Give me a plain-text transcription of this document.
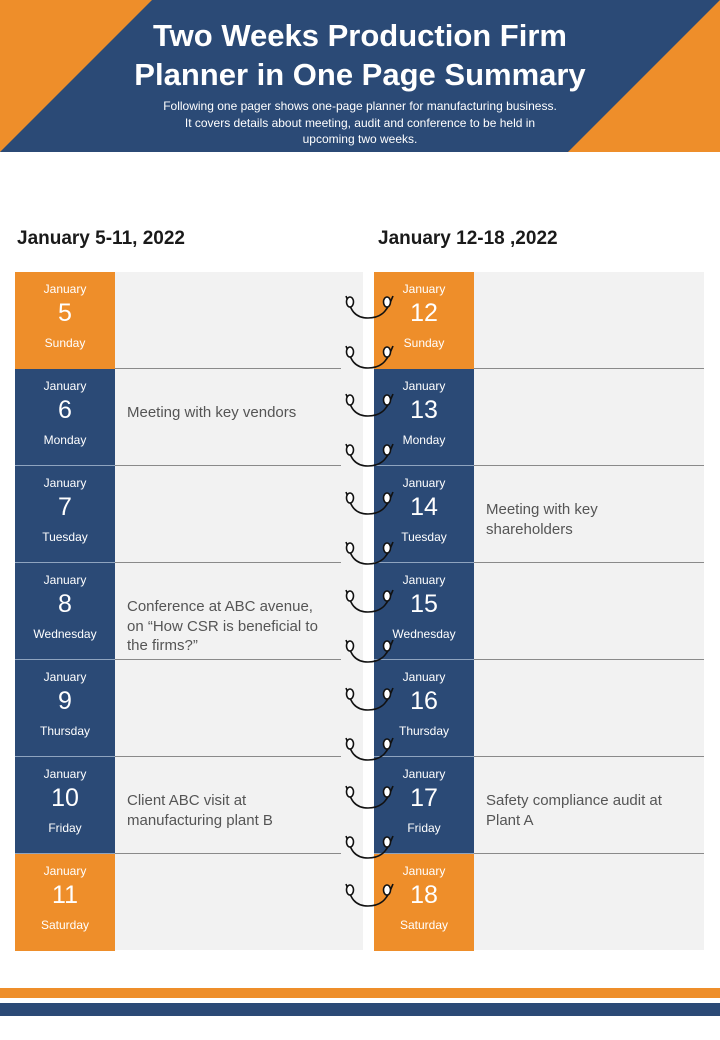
Two Weeks Production Firm
Planner in One Page Summary

Following one pager shows one-page planner for manufacturing business.
It covers details about meeting, audit and conference to be held in
upcoming two weeks.

January 5-11, 2022	January 12-18 ,2022
January
5
Sunday
January
6
Monday
Meeting with key vendors
January
7
Tuesday
January
8
Wednesday
Conference at ABC avenue, on “How CSR is beneficial to the firms?”
January
9
Thursday
January
10
Friday
Client ABC visit at manufacturing plant B
January
11
Saturday
January
12
Sunday
January
13
Monday
January
14
Tuesday
Meeting with key shareholders
January
15
Wednesday
January
16
Thursday
January
17
Friday
Safety compliance audit at Plant A
January
18
Saturday
